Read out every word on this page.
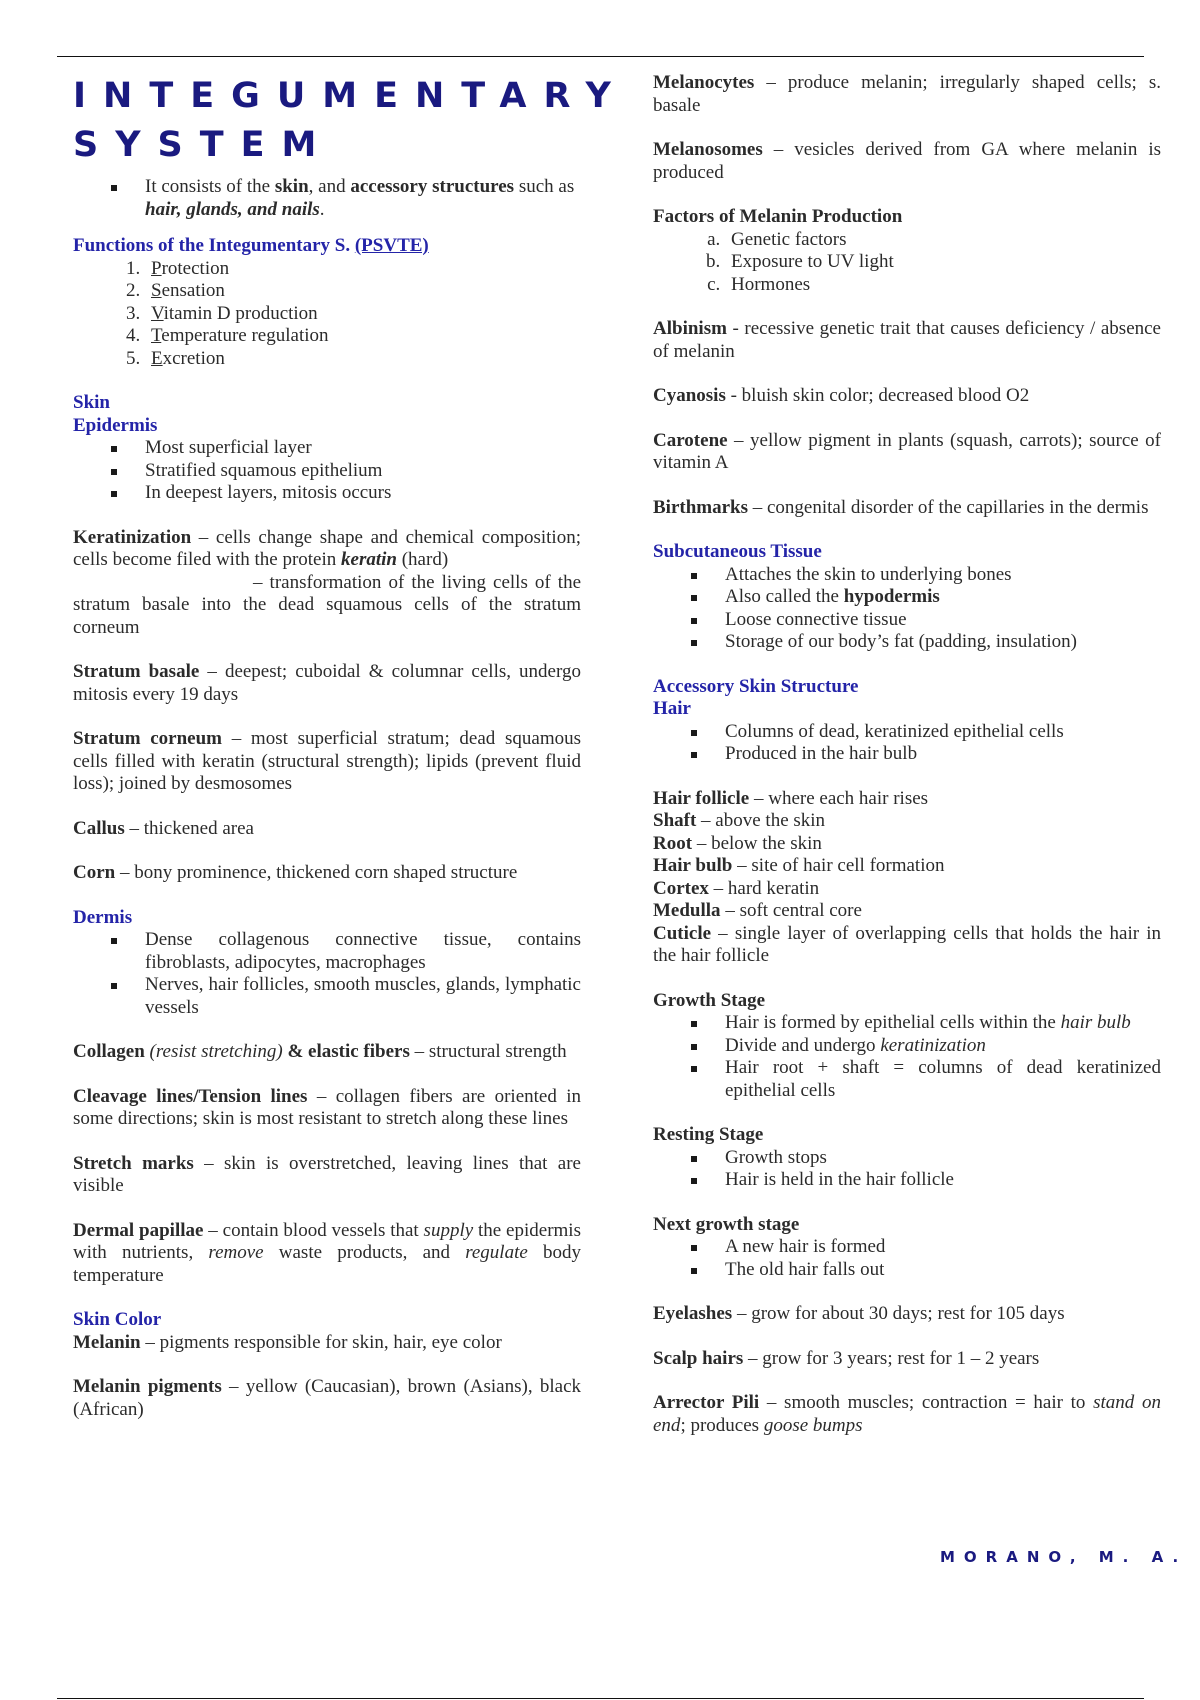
INTEGUMENTARY
SYSTEM
It consists of the skin, and accessory structures such as hair, glands, and nails.
Functions of the Integumentary S. (PSVTE)
1. Protection
2. Sensation
3. Vitamin D production
4. Temperature regulation
5. Excretion
Skin
Epidermis
Most superficial layer
Stratified squamous epithelium
In deepest layers, mitosis occurs
Keratinization – cells change shape and chemical composition; cells become filed with the protein keratin (hard)
– transformation of the living cells of the stratum basale into the dead squamous cells of the stratum corneum
Stratum basale – deepest; cuboidal & columnar cells, undergo mitosis every 19 days
Stratum corneum – most superficial stratum; dead squamous cells filled with keratin (structural strength); lipids (prevent fluid loss); joined by desmosomes
Callus – thickened area
Corn – bony prominence, thickened corn shaped structure
Dermis
Dense collagenous connective tissue, contains fibroblasts, adipocytes, macrophages
Nerves, hair follicles, smooth muscles, glands, lymphatic vessels
Collagen (resist stretching) & elastic fibers – structural strength
Cleavage lines/Tension lines – collagen fibers are oriented in some directions; skin is most resistant to stretch along these lines
Stretch marks – skin is overstretched, leaving lines that are visible
Dermal papillae – contain blood vessels that supply the epidermis with nutrients, remove waste products, and regulate body temperature
Skin Color
Melanin – pigments responsible for skin, hair, eye color
Melanin pigments – yellow (Caucasian), brown (Asians), black (African)
Melanocytes – produce melanin; irregularly shaped cells; s. basale
Melanosomes – vesicles derived from GA where melanin is produced
Factors of Melanin Production
a. Genetic factors
b. Exposure to UV light
c. Hormones
Albinism - recessive genetic trait that causes deficiency / absence of melanin
Cyanosis - bluish skin color; decreased blood O2
Carotene – yellow pigment in plants (squash, carrots); source of vitamin A
Birthmarks – congenital disorder of the capillaries in the dermis
Subcutaneous Tissue
Attaches the skin to underlying bones
Also called the hypodermis
Loose connective tissue
Storage of our body’s fat (padding, insulation)
Accessory Skin Structure
Hair
Columns of dead, keratinized epithelial cells
Produced in the hair bulb
Hair follicle – where each hair rises
Shaft – above the skin
Root – below the skin
Hair bulb – site of hair cell formation
Cortex – hard keratin
Medulla – soft central core
Cuticle – single layer of overlapping cells that holds the hair in the hair follicle
Growth Stage
Hair is formed by epithelial cells within the hair bulb
Divide and undergo keratinization
Hair root + shaft = columns of dead keratinized epithelial cells
Resting Stage
Growth stops
Hair is held in the hair follicle
Next growth stage
A new hair is formed
The old hair falls out
Eyelashes – grow for about 30 days; rest for 105 days
Scalp hairs – grow for 3 years; rest for 1 – 2 years
Arrector Pili – smooth muscles; contraction = hair to stand on end; produces goose bumps
MORANO, M. A.
